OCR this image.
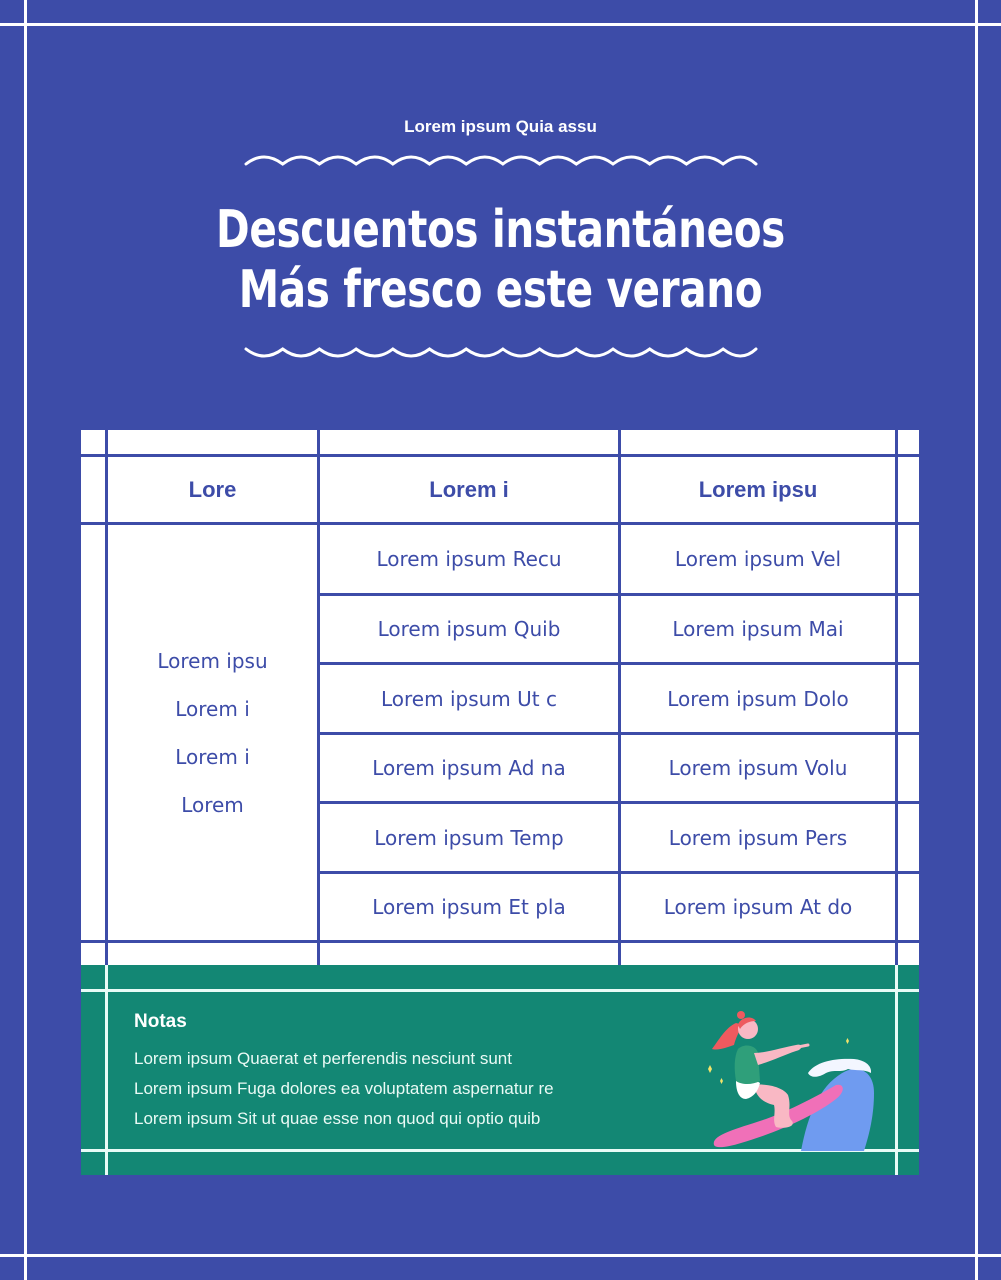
Lorem ipsum Quia assu
Descuentos instantáneos
Más fresco este verano
Lore	Lorem i	Lorem ipsu
Lorem ipsu
Lorem i
Lorem i
Lorem
Lorem ipsum Recu	Lorem ipsum Vel
Lorem ipsum Quib	Lorem ipsum Mai
Lorem ipsum Ut c	Lorem ipsum Dolo
Lorem ipsum Ad na	Lorem ipsum Volu
Lorem ipsum Temp	Lorem ipsum Pers
Lorem ipsum Et pla	Lorem ipsum At do
Notas
Lorem ipsum Quaerat et perferendis nesciunt sunt
Lorem ipsum Fuga dolores ea voluptatem aspernatur re
Lorem ipsum Sit ut quae esse non quod qui optio quib
